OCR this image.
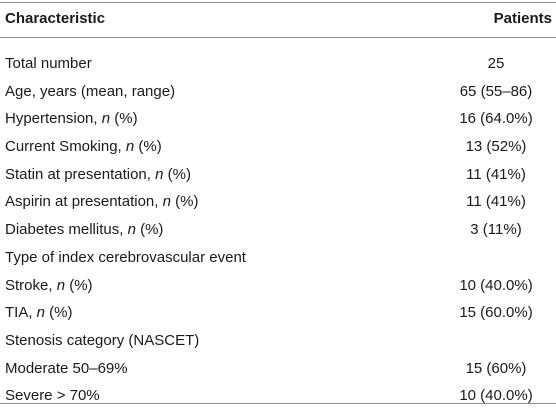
Characteristic	Patients
Total number	25
Age, years (mean, range)	65 (55–86)
Hypertension, n (%)	16 (64.0%)
Current Smoking, n (%)	13 (52%)
Statin at presentation, n (%)	11 (41%)
Aspirin at presentation, n (%)	11 (41%)
Diabetes mellitus, n (%)	3 (11%)
Type of index cerebrovascular event
Stroke, n (%)	10 (40.0%)
TIA, n (%)	15 (60.0%)
Stenosis category (NASCET)
Moderate 50–69%	15 (60%)
Severe > 70%	10 (40.0%)
